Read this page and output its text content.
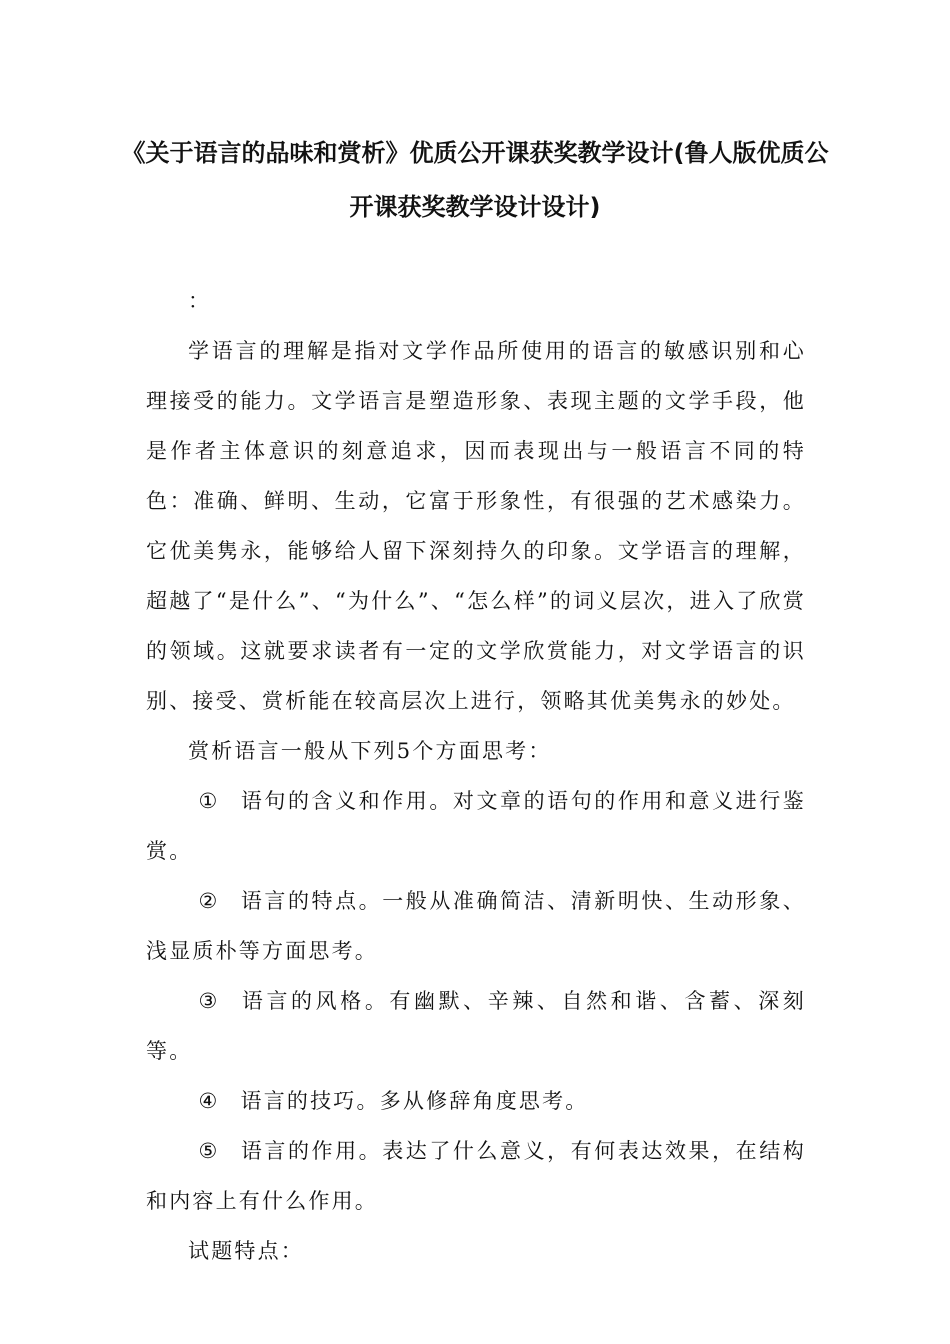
《关于语言的品味和赏析》优质公开课获奖教学设计(鲁人版优质公开课获奖教学设计设计)

：

学语言的理解是指对文学作品所使用的语言的敏感识别和心理接受的能力。文学语言是塑造形象、表现主题的文学手段，他是作者主体意识的刻意追求，因而表现出与一般语言不同的特色：准确、鲜明、生动，它富于形象性，有很强的艺术感染力。它优美隽永，能够给人留下深刻持久的印象。文学语言的理解，超越了“是什么”、“为什么”、“怎么样”的词义层次，进入了欣赏的领域。这就要求读者有一定的文学欣赏能力，对文学语言的识别、接受、赏析能在较高层次上进行，领略其优美隽永的妙处。

赏析语言一般从下列5个方面思考：

① 语句的含义和作用。对文章的语句的作用和意义进行鉴赏。

② 语言的特点。一般从准确简洁、清新明快、生动形象、浅显质朴等方面思考。

③ 语言的风格。有幽默、辛辣、自然和谐、含蓄、深刻等。

④ 语言的技巧。多从修辞角度思考。

⑤ 语言的作用。表达了什么意义，有何表达效果，在结构和内容上有什么作用。

试题特点：
